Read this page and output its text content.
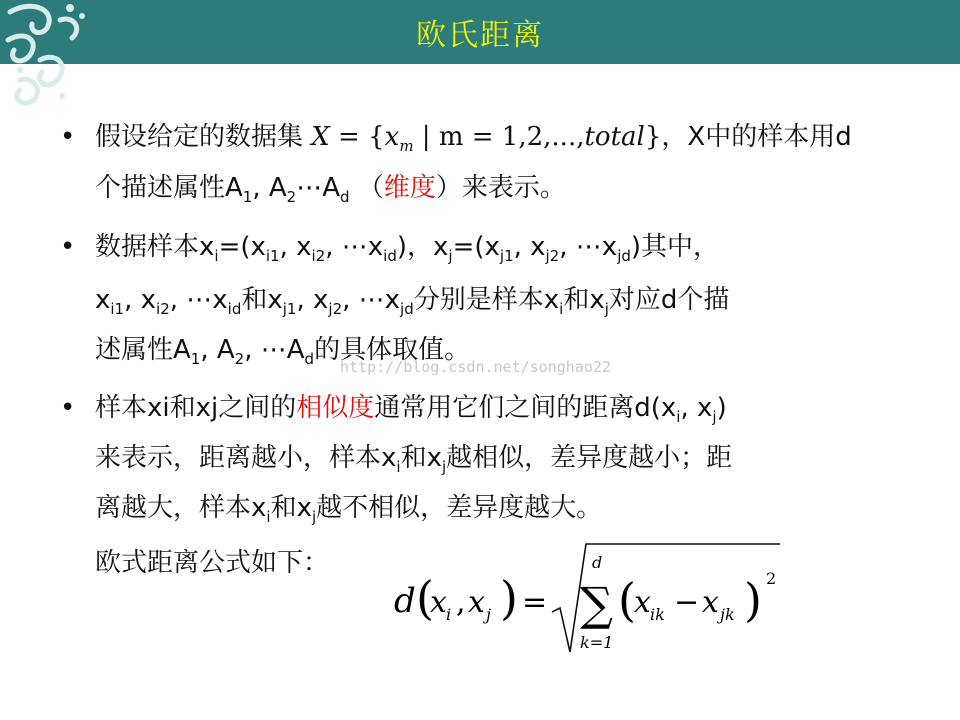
欧氏距离
• 假设给定的数据集 $X = \{x_m$ | m = 1,2,...,total}，X中的样本用d
个描述属性$A_1$, $A_2\cdots A_d$ （维度）来表示。
• 数据样本$x_i=(x_{i1}$, $x_{i2}$, $\cdots x_{id}$)，$x_j=(x_{j1}$, $x_{j2}$, $\cdots x_{jd}$)其中，
$x_{i1}$, $x_{i2}$, $\cdots x_{id}$和$x_{j1}$, $x_{j2}$, $\cdots x_{jd}$分别是样本$x_i$和$x_j$对应d个描
述属性$A_1$, $A_2$, $\cdots A_d$的具体取值。
http://blog.csdn.net/songhao22
• 样本xi和xj之间的相似度通常用它们之间的距离$d(x_i$, $x_j$)
来表示，距离越小，样本$x_i$和$x_j$越相似，差异度越小；距
离越大，样本$x_i$和$x_j$越不相似，差异度越大。
欧式距离公式如下：
d (
x i , x j ) =
d
∑
k=1
(
x ik − x jk ) 2
